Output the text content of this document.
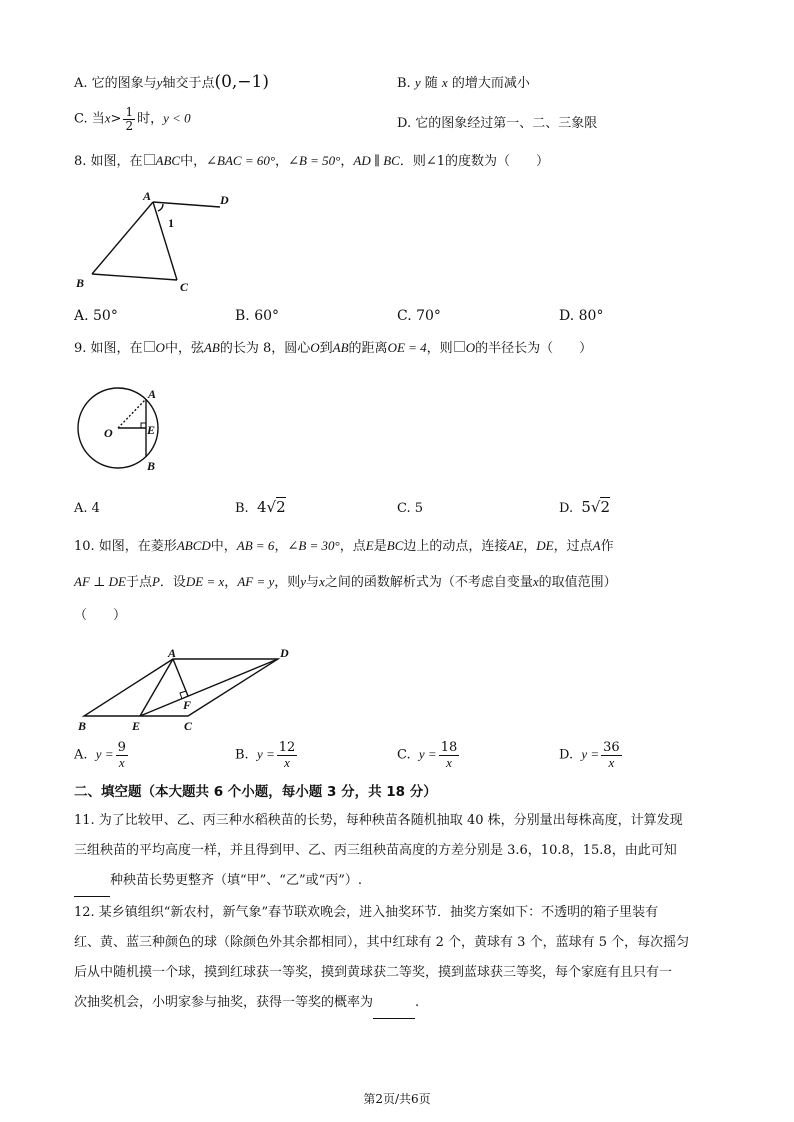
A. 它的图象与y轴交于点(0,−1)	B. y 随 x 的增大而减小
C. 当$x> \frac{1}{2}$ 时，y < 0	D. 它的图象经过第一、二、三象限
8. 如图，在 ABC中，∠BAC = 60°，∠B = 50°，AD ∥ BC．则∠1的度数为（　　）
A	D
1
B	C
A. 50°	B. 60°	C. 70°	D. 80°
9. 如图，在 O中，弦AB的长为 8，圆心O到AB的距离OE = 4，则 O的半径长为（　　）
O
A
E
B
A. 4	B. 4√2	C. 5	D. 5√2
10. 如图，在菱形ABCD中，AB = 6，∠B = 30°，点E是BC边上的动点，连接AE，DE，过点A作
AF ⊥ DE于点P．设DE = x，AF = y，则y与x之间的函数解析式为（不考虑自变量x的取值范围）
（　　）
A	D
F
B	E	C
A. $y = \frac{9}{x}$	B. $y = \frac{12}{x}$	C. $y = \frac{18}{x}$	D. $y = \frac{36}{x}$
二、填空题（本大题共 6 个小题，每小题 3 分，共 18 分）
11. 为了比较甲、乙、丙三种水稻秧苗的长势，每种秧苗各随机抽取 40 株，分别量出每株高度，计算发现
三组秧苗的平均高度一样，并且得到甲、乙、丙三组秧苗高度的方差分别是 3.6，10.8，15.8，由此可知
种秧苗长势更整齐（填“甲”、“乙”或“丙”）.
12. 某乡镇组织“新农村，新气象”春节联欢晚会，进入抽奖环节．抽奖方案如下：不透明的箱子里装有
红、黄、蓝三种颜色的球（除颜色外其余都相同），其中红球有 2 个，黄球有 3 个，蓝球有 5 个，每次摇匀
后从中随机摸一个球，摸到红球获一等奖，摸到黄球获二等奖，摸到蓝球获三等奖，每个家庭有且只有一
次抽奖机会，小明家参与抽奖，获得一等奖的概率为	.
第2页/共6页
